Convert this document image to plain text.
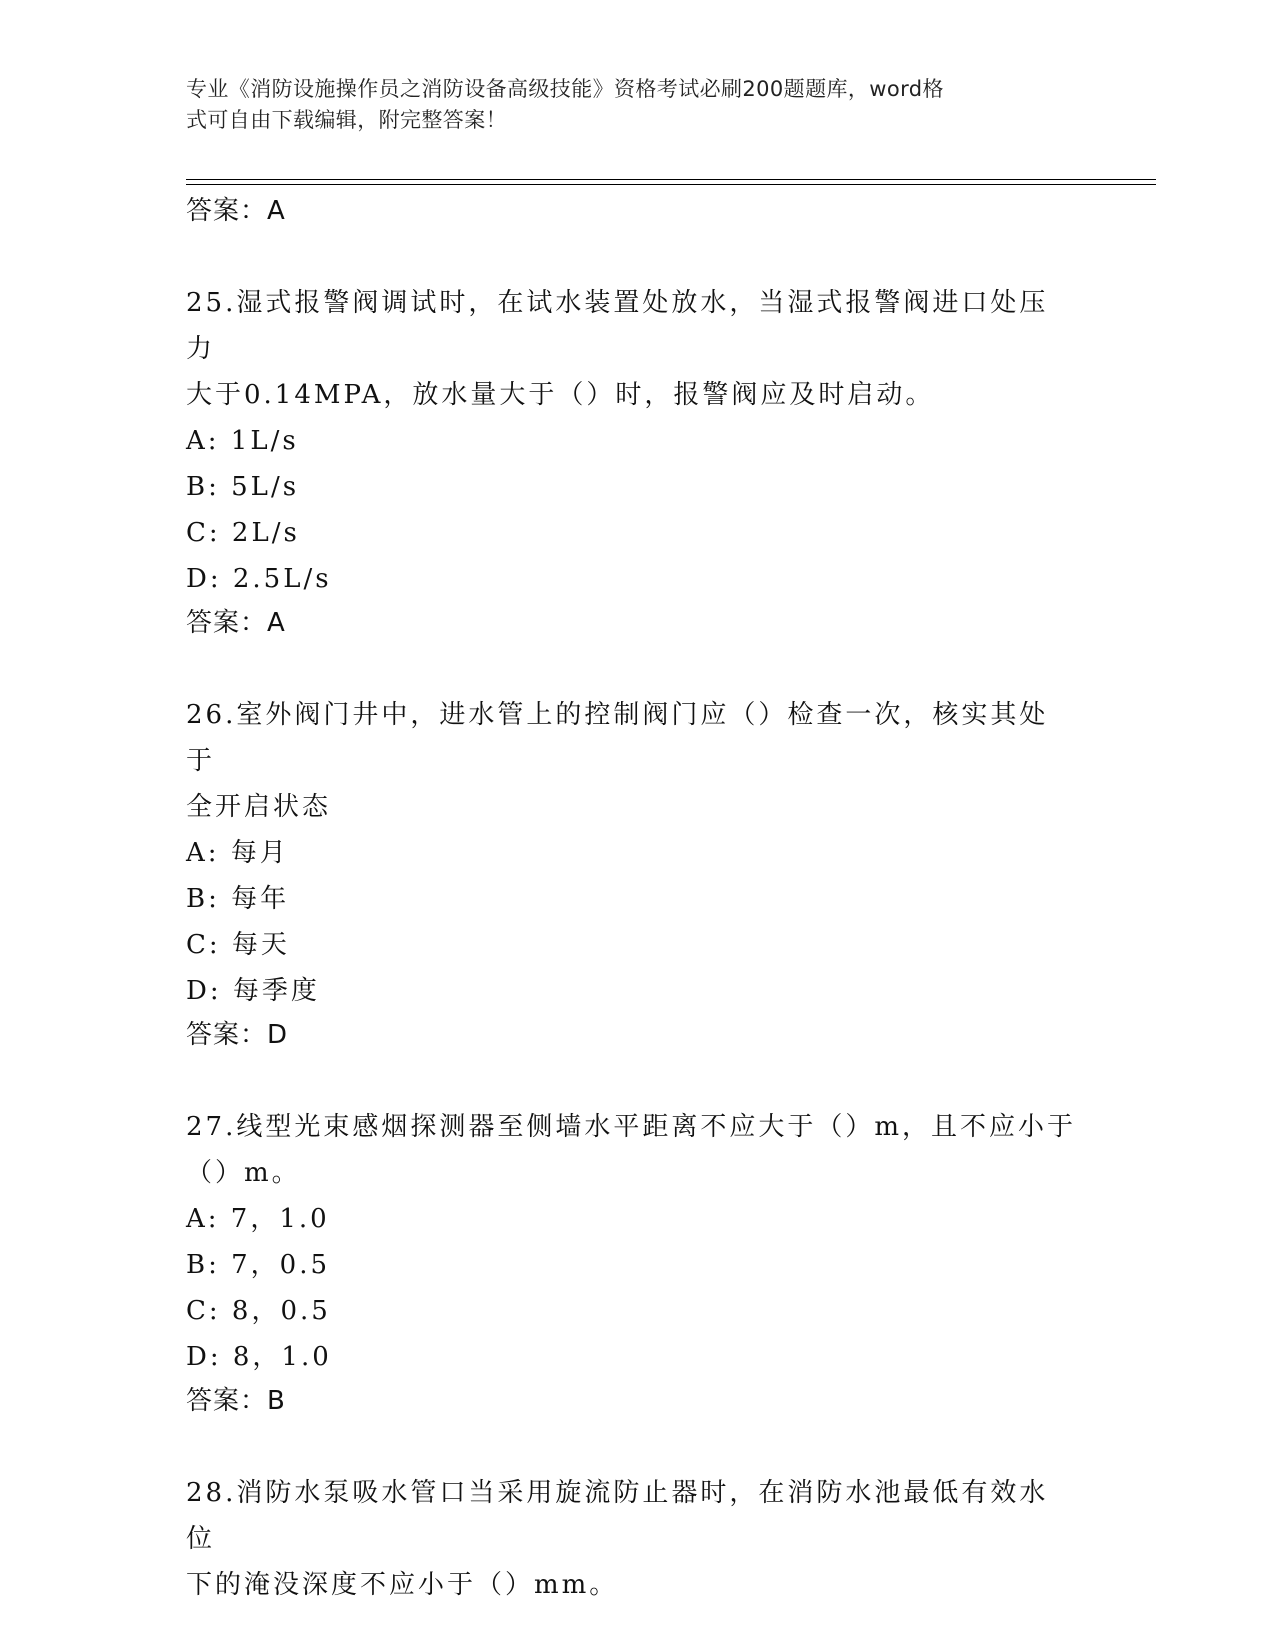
专业《消防设施操作员之消防设备高级技能》资格考试必刷200题题库，word格
式可自由下载编辑，附完整答案！
答案：A
25.湿式报警阀调试时，在试水装置处放水，当湿式报警阀进口处压力
大于0.14MPA，放水量大于（）时，报警阀应及时启动。
A: 1L/s
B: 5L/s
C: 2L/s
D: 2.5L/s
答案：A
26.室外阀门井中，进水管上的控制阀门应（）检查一次，核实其处于
全开启状态
A: 每月
B: 每年
C: 每天
D: 每季度
答案：D
27.线型光束感烟探测器至侧墙水平距离不应大于（）m，且不应小于
（）m。
A: 7，1.0
B: 7，0.5
C: 8，0.5
D: 8，1.0
答案：B
28.消防水泵吸水管口当采用旋流防止器时，在消防水池最低有效水位
下的淹没深度不应小于（）mm。
